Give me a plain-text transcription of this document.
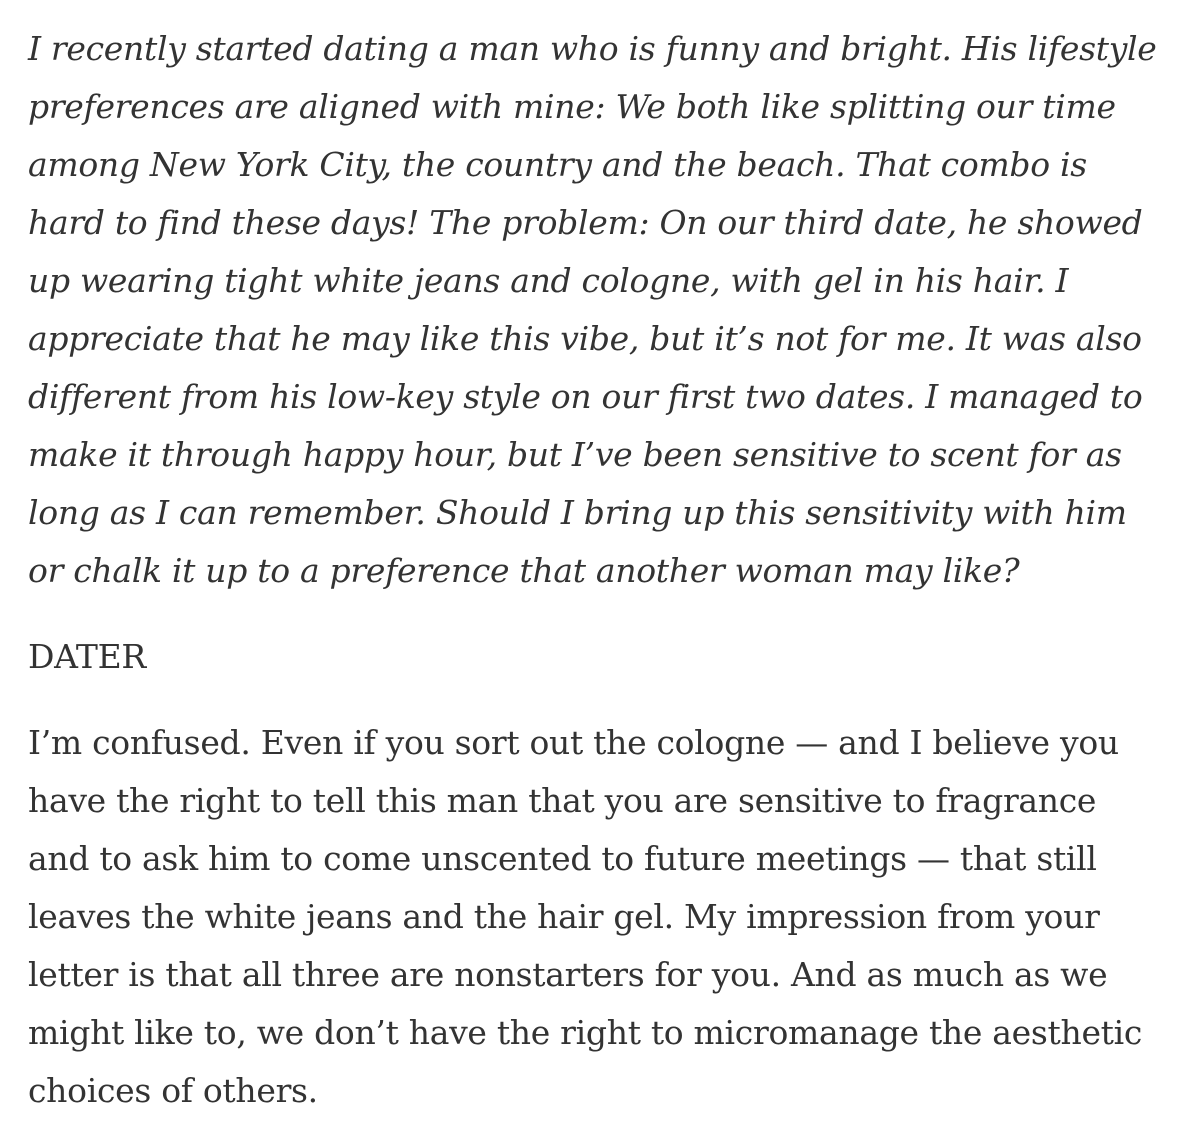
I recently started dating a man who is funny and bright. His lifestyle
preferences are aligned with mine: We both like splitting our time
among New York City, the country and the beach. That combo is
hard to find these days! The problem: On our third date, he showed
up wearing tight white jeans and cologne, with gel in his hair. I
appreciate that he may like this vibe, but it’s not for me. It was also
different from his low-key style on our first two dates. I managed to
make it through happy hour, but I’ve been sensitive to scent for as
long as I can remember. Should I bring up this sensitivity with him
or chalk it up to a preference that another woman may like?

DATER

I’m confused. Even if you sort out the cologne — and I believe you
have the right to tell this man that you are sensitive to fragrance
and to ask him to come unscented to future meetings — that still
leaves the white jeans and the hair gel. My impression from your
letter is that all three are nonstarters for you. And as much as we
might like to, we don’t have the right to micromanage the aesthetic
choices of others.
